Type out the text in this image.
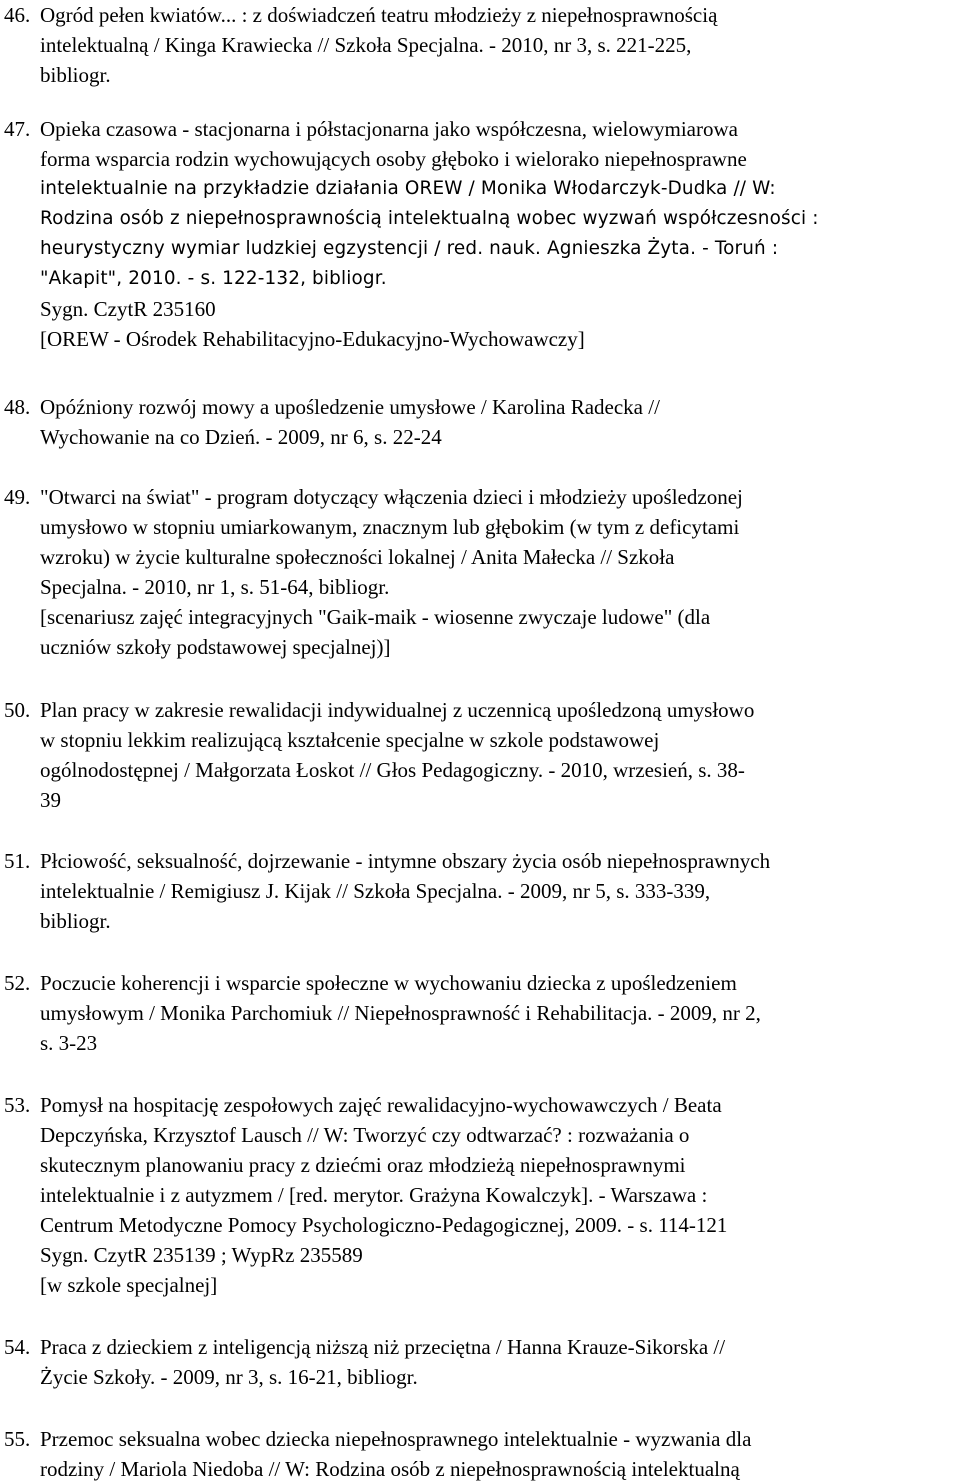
46. Ogród pełen kwiatów... : z doświadczeń teatru młodzieży z niepełnosprawnością
intelektualną / Kinga Krawiecka // Szkoła Specjalna. - 2010, nr 3, s. 221-225,
bibliogr.
47. Opieka czasowa - stacjonarna i półstacjonarna jako współczesna, wielowymiarowa
forma wsparcia rodzin wychowujących osoby głęboko i wielorako niepełnosprawne
intelektualnie na przykładzie działania OREW / Monika Włodarczyk-Dudka // W:
Rodzina osób z niepełnosprawnością intelektualną wobec wyzwań współczesności :
heurystyczny wymiar ludzkiej egzystencji / red. nauk. Agnieszka Żyta. - Toruń :
"Akapit", 2010. - s. 122-132, bibliogr.
Sygn. CzytR 235160
[OREW - Ośrodek Rehabilitacyjno-Edukacyjno-Wychowawczy]
48. Opóźniony rozwój mowy a upośledzenie umysłowe / Karolina Radecka //
Wychowanie na co Dzień. - 2009, nr 6, s. 22-24
49. "Otwarci na świat" - program dotyczący włączenia dzieci i młodzieży upośledzonej
umysłowo w stopniu umiarkowanym, znacznym lub głębokim (w tym z deficytami
wzroku) w życie kulturalne społeczności lokalnej / Anita Małecka // Szkoła
Specjalna. - 2010, nr 1, s. 51-64, bibliogr.
[scenariusz zajęć integracyjnych "Gaik-maik - wiosenne zwyczaje ludowe" (dla
uczniów szkoły podstawowej specjalnej)]
50. Plan pracy w zakresie rewalidacji indywidualnej z uczennicą upośledzoną umysłowo
w stopniu lekkim realizującą kształcenie specjalne w szkole podstawowej
ogólnodostępnej / Małgorzata Łoskot // Głos Pedagogiczny. - 2010, wrzesień, s. 38-
39
51. Płciowość, seksualność, dojrzewanie - intymne obszary życia osób niepełnosprawnych
intelektualnie / Remigiusz J. Kijak // Szkoła Specjalna. - 2009, nr 5, s. 333-339,
bibliogr.
52. Poczucie koherencji i wsparcie społeczne w wychowaniu dziecka z upośledzeniem
umysłowym / Monika Parchomiuk // Niepełnosprawność i Rehabilitacja. - 2009, nr 2,
s. 3-23
53. Pomysł na hospitację zespołowych zajęć rewalidacyjno-wychowawczych / Beata
Depczyńska, Krzysztof Lausch // W: Tworzyć czy odtwarzać? : rozważania o
skutecznym planowaniu pracy z dziećmi oraz młodzieżą niepełnosprawnymi
intelektualnie i z autyzmem / [red. merytor. Grażyna Kowalczyk]. - Warszawa :
Centrum Metodyczne Pomocy Psychologiczno-Pedagogicznej, 2009. - s. 114-121
Sygn. CzytR 235139 ; WypRz 235589
[w szkole specjalnej]
54. Praca z dzieckiem z inteligencją niższą niż przeciętna / Hanna Krauze-Sikorska //
Życie Szkoły. - 2009, nr 3, s. 16-21, bibliogr.
55. Przemoc seksualna wobec dziecka niepełnosprawnego intelektualnie - wyzwania dla
rodziny / Mariola Niedoba // W: Rodzina osób z niepełnosprawnością intelektualną
